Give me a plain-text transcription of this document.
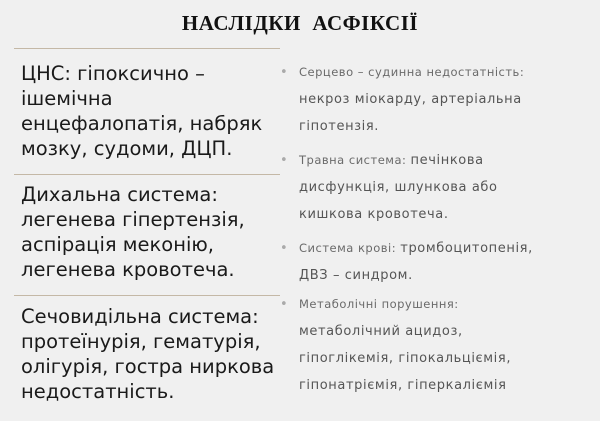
НАСЛІДКИ  АСФІКСІЇ
ЦНС: гіпоксично –
ішемічна
енцефалопатія, набряк
мозку, судоми, ДЦП.
Дихальна система:
легенева гіпертензія,
аспірація меконію,
легенева кровотеча.
Сечовидільна система:
протеїнурія, гематурія,
олігурія, гостра ниркова
недостатність.
• Серцево – судинна недостатність:
некроз міокарду, артеріальна
гіпотензія.
• Травна система: печінкова
дисфункція, шлункова або
кишкова кровотеча.
• Система крові: тромбоцитопенія,
ДВЗ – синдром.
• Метаболічні порушення:
метаболічний ацидоз,
гіпоглікемія, гіпокальціємія,
гіпонатріємія, гіперкаліємія
